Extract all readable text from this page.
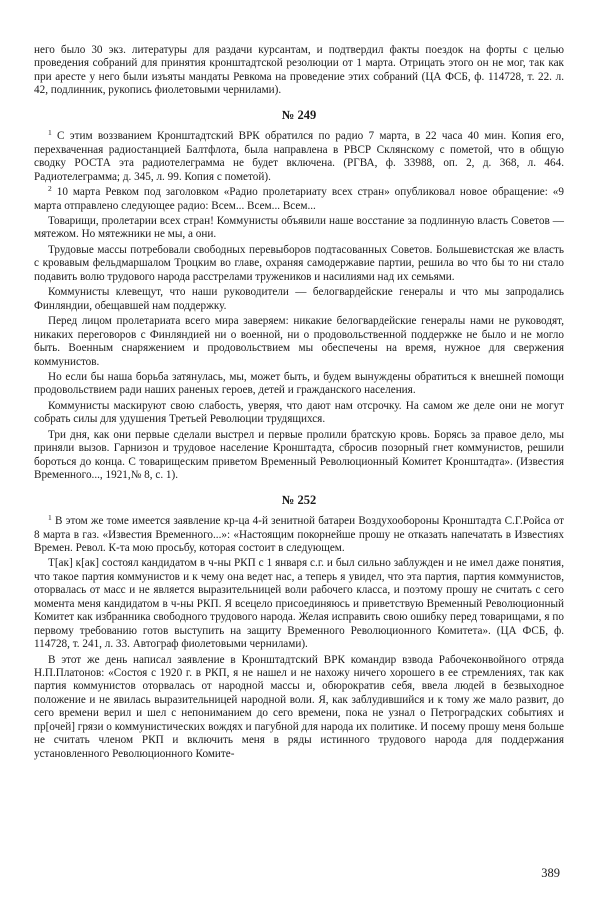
него было 30 экз. литературы для раздачи курсантам, и подтвердил факты поездок на форты с целью проведения собраний для принятия кронштадтской резолюции от 1 марта. Отрицать этого он не мог, так как при аресте у него были изъяты мандаты Ревкома на проведение этих собраний (ЦА ФСБ, ф. 114728, т. 22. л. 42, подлинник, рукопись фиолетовыми чернилами).

№ 249

$^1$ С этим воззванием Кронштадтский ВРК обратился по радио 7 марта, в 22 часа 40 мин. Копия его, перехваченная радиостанцией Балтфлота, была направлена в РВСР Склянскому с пометой, что в общую сводку РОСТА эта радиотелеграмма не будет включена. (РГВА, ф. 33988, оп. 2, д. 368, л. 464. Радиотелеграмма; д. 345, л. 99. Копия с пометой).

$^2$ 10 марта Ревком под заголовком «Радио пролетариату всех стран» опубликовал новое обращение: «9 марта отправлено следующее радио: Всем... Всем... Всем...

Товарищи, пролетарии всех стран! Коммунисты объявили наше восстание за подлинную власть Советов — мятежом. Но мятежники не мы, а они.

Трудовые массы потребовали свободных перевыборов подтасованных Советов. Большевистская же власть с кровавым фельдмаршалом Троцким во главе, охраняя самодержавие партии, решила во что бы то ни стало подавить волю трудового народа расстрелами тружеников и насилиями над их семьями.

Коммунисты клевещут, что наши руководители — белогвардейские генералы и что мы запродались Финляндии, обещавшей нам поддержку.

Перед лицом пролетариата всего мира заверяем: никакие белогвардейские генералы нами не руководят, никаких переговоров с Финляндией ни о военной, ни о продовольственной поддержке не было и не могло быть. Военным снаряжением и продовольствием мы обеспечены на время, нужное для свержения коммунистов.

Но если бы наша борьба затянулась, мы, может быть, и будем вынуждены обратиться к внешней помощи продовольствием ради наших раненых героев, детей и гражданского населения.

Коммунисты маскируют свою слабость, уверяя, что дают нам отсрочку. На самом же деле они не могут собрать силы для удушения Третьей Революции трудящихся.

Три дня, как они первые сделали выстрел и первые пролили братскую кровь. Борясь за правое дело, мы приняли вызов. Гарнизон и трудовое население Кронштадта, сбросив позорный гнет коммунистов, решили бороться до конца. С товарищеским приветом Временный Революционный Комитет Кронштадта». (Известия Временного..., 1921,№ 8, с. 1).

№ 252

$^1$ В этом же томе имеется заявление кр-ца 4-й зенитной батареи Воздухообороны Кронштадта С.Г.Ройса от 8 марта в газ. «Известия Временного...»: «Настоящим покорнейше прошу не отказать напечатать в Известиях Времен. Револ. К-та мою просьбу, которая состоит в следующем.

Т[ак] к[ак] состоял кандидатом в ч-ны РКП с 1 января с.г. и был сильно заблужден и не имел даже понятия, что такое партия коммунистов и к чему она ведет нас, а теперь я увидел, что эта партия, партия коммунистов, оторвалась от масс и не является выразительницей воли рабочего класса, и поэтому прошу не считать с сего момента меня кандидатом в ч-ны РКП. Я всецело присоединяюсь и приветствую Временный Революционный Комитет как избранника свободного трудового народа. Желая исправить свою ошибку перед товарищами, я по первому требованию готов выступить на защиту Временного Революционного Комитета». (ЦА ФСБ, ф. 114728, т. 241, л. 33. Автограф фиолетовыми чернилами).

В этот же день написал заявление в Кронштадтский ВРК командир взвода Рабочеконвойного отряда Н.П.Платонов: «Состоя с 1920 г. в РКП, я не нашел и не нахожу ничего хорошего в ее стремлениях, так как партия коммунистов оторвалась от народной массы и, обюрократив себя, ввела людей в безвыходное положение и не явилась выразительницей народной воли. Я, как заблудившийся и к тому же мало развит, до сего времени верил и шел с непониманием до сего времени, пока не узнал о Петроградских событиях и пр[очей] грязи о коммунистических вождях и пагубной для народа их политике. И посему прошу меня больше не считать членом РКП и включить меня в ряды истинного трудового народа для поддержания установленного Революционного Комите-

389
